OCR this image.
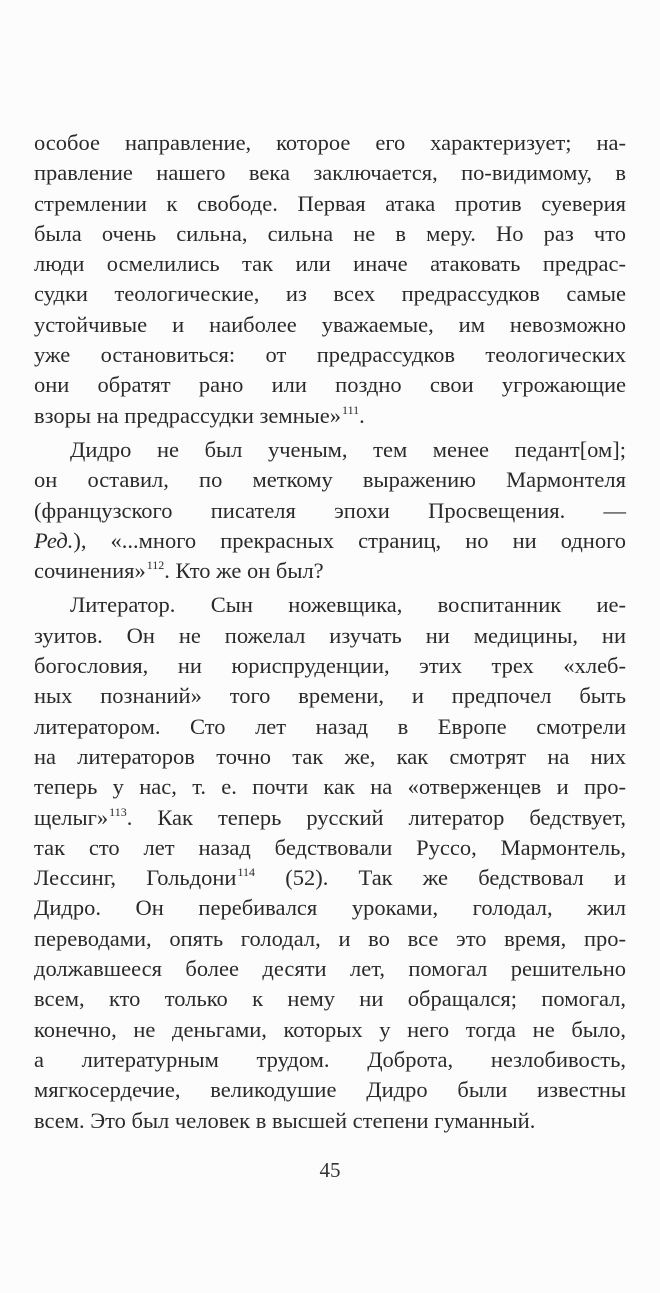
особое направление, которое его характеризует; на-
правление нашего века заключается, по-видимому, в
стремлении к свободе. Первая атака против суеверия
была очень сильна, сильна не в меру. Но раз что
люди осмелились так или иначе атаковать предрас-
судки теологические, из всех предрассудков самые
устойчивые и наиболее уважаемые, им невозможно
уже остановиться: от предрассудков теологических
они обратят рано или поздно свои угрожающие
взоры на предрассудки земные»$^{111}$.
Дидро не был ученым, тем менее педант[ом];
он оставил, по меткому выражению Мармонтеля
(французского писателя эпохи Просвещения. —
Ред.), «...много прекрасных страниц, но ни одного
сочинения»$^{112}$. Кто же он был?
Литератор. Сын ножевщика, воспитанник ие-
зуитов. Он не пожелал изучать ни медицины, ни
богословия, ни юриспруденции, этих трех «хлеб-
ных познаний» того времени, и предпочел быть
литератором. Сто лет назад в Европе смотрели
на литераторов точно так же, как смотрят на них
теперь у нас, т. е. почти как на «отверженцев и про-
щелыг»$^{113}$. Как теперь русский литератор бедствует,
так сто лет назад бедствовали Руссо, Мармонтель,
Лессинг, Гольдони$^{114}$ (52). Так же бедствовал и
Дидро. Он перебивался уроками, голодал, жил
переводами, опять голодал, и во все это время, про-
должавшееся более десяти лет, помогал решительно
всем, кто только к нему ни обращался; помогал,
конечно, не деньгами, которых у него тогда не было,
а литературным трудом. Доброта, незлобивость,
мягкосердечие, великодушие Дидро были известны
всем. Это был человек в высшей степени гуманный.
45
